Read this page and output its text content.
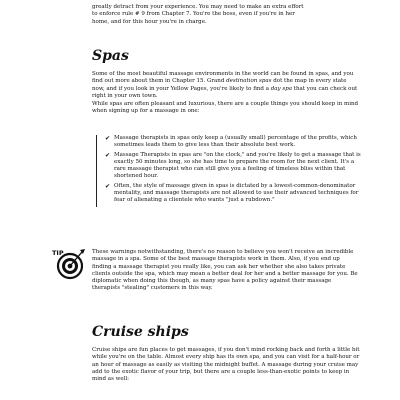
greatly detract from your experience. You may need to make an extra effort
to enforce rule # 9 from Chapter 7. You're the boss, even if you're in her
home, and for this hour you're in charge.

Spas

Some of the most beautiful massage environments in the world can be found in spas, and you find out more about them in Chapter 15. Grand destination spas dot the map in every state now, and if you look in your Yellow Pages, you're likely to find a day spa that you can check out right in your own town.

While spas are often pleasant and luxurious, there are a couple things you should keep in mind when signing up for a massage in one:

✔ Massage therapists in spas only keep a (usually small) percentage of the profits, which sometimes leads them to give less than their absolute best work.
✔ Massage Therapists in spas are "on the clock," and you're likely to get a massage that is exactly 50 minutes long, so she has time to prepare the room for the next client. It's a rare massage therapist who can still give you a feeling of timeless bliss within that shortened hour.
✔ Often, the style of massage given in spas is dictated by a lowest-common-denominator mentality, and massage therapists are not allowed to use their advanced techniques for fear of alienating a clientele who wants "just a rubdown."
TIP	These warnings notwithstanding, there's no reason to believe you won't receive an incredible massage in a spa. Some of the best massage therapists work in them. Also, if you end up finding a massage therapist you really like, you can ask her whether she also takes private clients outside the spa, which may mean a better deal for her and a better massage for you. Be diplomatic when doing this though, as many spas have a policy against their massage therapists "stealing" customers in this way.

Cruise ships

Cruise ships are fun places to get massages, if you don't mind rocking back and forth a little bit while you're on the table. Almost every ship has its own spa, and you can visit for a half-hour or an hour of massage as easily as visiting the midnight buffet. A massage during your cruise may add to the exotic flavor of your trip, but there are a couple less-than-exotic points to keep in mind as well:
